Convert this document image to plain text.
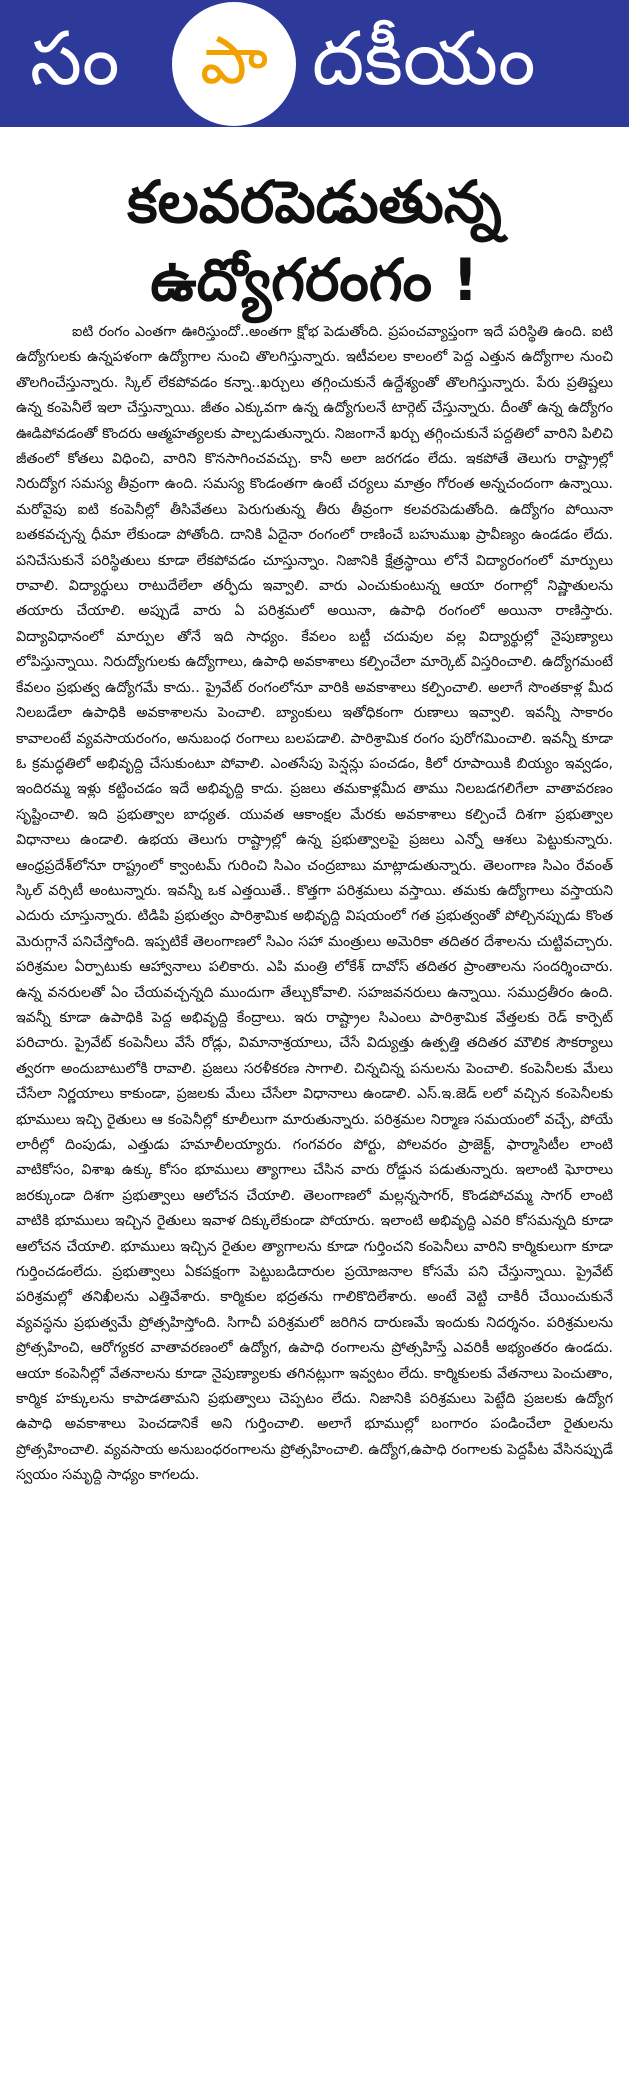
సం	పా దకీయం
కలవరపెడుతున్న
ఉద్యోగరంగం !

ఐటి రంగం ఎంతగా ఊరిస్తుందో..అంతగా క్షోభ పెడుతోంది. ప్రపంచవ్యాప్తంగా ఇదే పరిస్థితి ఉంది. ఐటి ఉద్యోగులకు ఉన్నపళంగా ఉద్యోగాల నుంచి తొలగిస్తున్నారు. ఇటీవలల కాలంలో పెద్ద ఎత్తున ఉద్యోగాల నుంచి తొలగించేస్తున్నారు. స్కిల్ లేకపోవడం కన్నా..ఖర్చులు తగ్గించుకునే ఉద్దేశ్యంతో తొలగిస్తున్నారు. పేరు ప్రతిష్టలు ఉన్న కంపెనీలే ఇలా చేస్తున్నాయి. జీతం ఎక్కువగా ఉన్న ఉద్యోగులనే టార్గెట్ చేస్తున్నారు. దీంతో ఉన్న ఉద్యోగం ఊడిపోవడంతో కొందరు ఆత్మహత్యలకు పాల్పడుతున్నారు. నిజంగానే ఖర్చు తగ్గించుకునే పద్దతిలో వారిని పిలిచి జీతంలో కోతలు విధించి, వారిని కొనసాగించవచ్చు. కానీ అలా జరగడం లేదు. ఇకపోతే తెలుగు రాష్ట్రాల్లో నిరుద్యోగ సమస్య తీవ్రంగా ఉంది. సమస్య కొండంతగా ఉంటే చర్యలు మాత్రం గోరంత అన్నచందంగా ఉన్నాయి. మరోవైపు ఐటి కంపెనీల్లో తీసివేతలు పెరుగుతున్న తీరు తీవ్రంగా కలవరపెడుతోంది. ఉద్యోగం పోయినా బతకవచ్చన్న ధీమా లేకుండా పోతోంది. దానికి ఏదైనా రంగంలో రాణించే బహుముఖ ప్రావీణ్యం ఉండడం లేదు. పనిచేసుకునే పరిస్థితులు కూడా లేకపోవడం చూస్తున్నాం. నిజానికి క్షేత్రస్థాయి లోనే విద్యారంగంలో మార్పులు రావాలి. విద్యార్థులు రాటుదేలేలా తర్ఫీదు ఇవ్వాలి. వారు ఎంచుకుంటున్న ఆయా రంగాల్లో నిష్ణాతులను తయారు చేయాలి. అప్పుడే వారు ఏ పరిశ్రమలో అయినా, ఉపాధి రంగంలో అయినా రాణిస్తారు. విద్యావిధానంలో మార్పుల తోనే ఇది సాధ్యం. కేవలం బట్టీ చదువుల వల్ల విద్యార్థుల్లో నైపుణ్యాలు లోపిస్తున్నాయి. నిరుద్యోగులకు ఉద్యోగాలు, ఉపాధి అవకాశాలు కల్పించేలా మార్కెట్ విస్తరించాలి. ఉద్యోగమంటే కేవలం ప్రభుత్వ ఉద్యోగమే కాదు.. ప్రైవేట్ రంగంలోనూ వారికి అవకాశాలు కల్పించాలి. అలాగే సొంతకాళ్ల మీద నిలబడేలా ఉపాధికి అవకాశాలను పెంచాలి. బ్యాంకులు ఇతోధికంగా రుణాలు ఇవ్వాలి. ఇవన్నీ సాకారం కావాలంటే వ్యవసాయరంగం, అనుబంధ రంగాలు బలపడాలి. పారిశ్రామిక రంగం పురోగమించాలి. ఇవన్నీ కూడా ఓ క్రమద్ధతిలో అభివృద్ది చేసుకుంటూ పోవాలి. ఎంతసేపు పెన్షన్లు పంచడం, కిలో రూపాయికి బియ్యం ఇవ్వడం, ఇందిరమ్మ ఇళ్లు కట్టించడం ఇదే అభివృద్ది కాదు. ప్రజలు తమకాళ్లమీద తాము నిలబడగలిగేలా వాతావరణం సృష్టించాలి. ఇది ప్రభుత్వాల బాధ్యత. యువత ఆకాంక్షల మేరకు అవకాశాలు కల్పించే దిశగా ప్రభుత్వాల విధానాలు ఉండాలి. ఉభయ తెలుగు రాష్ట్రాల్లో ఉన్న ప్రభుత్వాలపై ప్రజలు ఎన్నో ఆశలు పెట్టుకున్నారు. ఆంధ్రప్రదేశ్‌లోనూ రాష్ట్రంలో క్వాంటమ్ గురించి సిఎం చంద్రబాబు మాట్లాడుతున్నారు. తెలంగాణ సిఎం రేవంత్ స్కిల్ వర్సిటీ అంటున్నారు. ఇవన్నీ ఒక ఎత్తయితే.. కొత్తగా పరిశ్రమలు వస్తాయి. తమకు ఉద్యోగాలు వస్తాయని ఎదురు చూస్తున్నారు. టిడిపి ప్రభుత్వం పారిశ్రామిక అభివృద్ది విషయంలో గత ప్రభుత్వంతో పోల్చినప్పుడు కొంత మెరుగ్గానే పనిచేస్తోంది. ఇప్పటికే తెలంగాణలో సిఎం సహా మంత్రులు అమెరికా తదితర దేశాలను చుట్టివచ్చారు. పరిశ్రమల ఏర్పాటుకు ఆహ్వానాలు పలికారు. ఎపి మంత్రి లోకేశ్ దావోస్ తదితర ప్రాంతాలను సందర్శించారు. ఉన్న వనరులతో ఏం చేయవచ్చన్నది ముందుగా తేల్చుకోవాలి. సహజవనరులు ఉన్నాయి. సముద్రతీరం ఉంది. ఇవన్నీ కూడా ఉపాధికి పెద్ద అభివృద్ది కేంద్రాలు. ఇరు రాష్ట్రాల సిఎంలు పారిశ్రామిక వేత్తలకు రెడ్ కార్పెట్ పరిచారు. ప్రైవేట్ కంపెనీలు వేసే రోడ్లు, విమానాశ్రయాలు, చేసే విద్యుత్తు ఉత్పత్తి తదితర మౌలిక సౌకర్యాలు త్వరగా అందుబాటులోకి రావాలి. ప్రజలు సరళీకరణ సాగాలి. చిన్నచిన్న పనులను పెంచాలి. కంపెనీలకు మేలు చేసేలా నిర్ణయాలు కాకుండా, ప్రజలకు మేలు చేసేలా విధానాలు ఉండాలి. ఎస్.ఇ.జెడ్ లలో వచ్చిన కంపెనీలకు భూములు ఇచ్చి రైతులు ఆ కంపెనీల్లో కూలీలుగా మారుతున్నారు. పరిశ్రమల నిర్మాణ సమయంలో వచ్చే, పోయే లారీల్లో దింపుడు, ఎత్తుడు హమాలీలయ్యారు. గంగవరం పోర్టు, పోలవరం ప్రాజెక్ట్, ఫార్మాసిటీల లాంటి వాటికోసం, విశాఖ ఉక్కు కోసం భూములు త్యాగాలు చేసిన వారు రోడ్డున పడుతున్నారు. ఇలాంటి ఘోరాలు జరక్కుండా దిశగా ప్రభుత్వాలు ఆలోచన చేయాలి. తెలంగాణలో మల్లన్నసాగర్, కొండపోచమ్మ సాగర్ లాంటి వాటికి భూములు ఇచ్చిన రైతులు ఇవాళ దిక్కులేకుండా పోయారు. ఇలాంటి అభివృద్ది ఎవరి కోసమన్నది కూడా ఆలోచన చేయాలి. భూములు ఇచ్చిన రైతుల త్యాగాలను కూడా గుర్తించని కంపెనీలు వారిని కార్మికులుగా కూడా గుర్తించడంలేదు. ప్రభుత్వాలు ఏకపక్షంగా పెట్టుబడిదారుల ప్రయోజనాల కోసమే పని చేస్తున్నాయి. ప్రైవేట్ పరిశ్రమల్లో తనిఖీలను ఎత్తివేశారు. కార్మికుల భద్రతను గాలికొదిలేశారు. అంటే వెట్టి చాకిరీ చేయించుకునే వ్యవస్థను ప్రభుత్వమే ప్రోత్సహిస్తోంది. సిగాచీ పరిశ్రమలో జరిగిన దారుణమే ఇందుకు నిదర్శనం. పరిశ్రమలను ప్రోత్సహించి, ఆరోగ్యకర వాతావరణంలో ఉద్యోగ, ఉపాధి రంగాలను ప్రోత్సహిస్తే ఎవరికీ అభ్యంతరం ఉండదు. ఆయా కంపెనీల్లో వేతనాలను కూడా నైపుణ్యాలకు తగినట్లుగా ఇవ్వటం లేదు. కార్మికులకు వేతనాలు పెంచుతాం, కార్మిక హక్కులను కాపాడతామని ప్రభుత్వాలు చెప్పటం లేదు. నిజానికి పరిశ్రమలు పెట్టేది ప్రజలకు ఉద్యోగ ఉపాధి అవకాశాలు పెంచడానికే అని గుర్తించాలి. అలాగే భూముల్లో బంగారం పండించేలా రైతులను ప్రోత్సహించాలి. వ్యవసాయ అనుబంధరంగాలను ప్రోత్సహించాలి. ఉద్యోగ,ఉపాధి రంగాలకు పెద్దపీట వేసినప్పుడే స్వయం సమృద్ది సాధ్యం కాగలదు.
